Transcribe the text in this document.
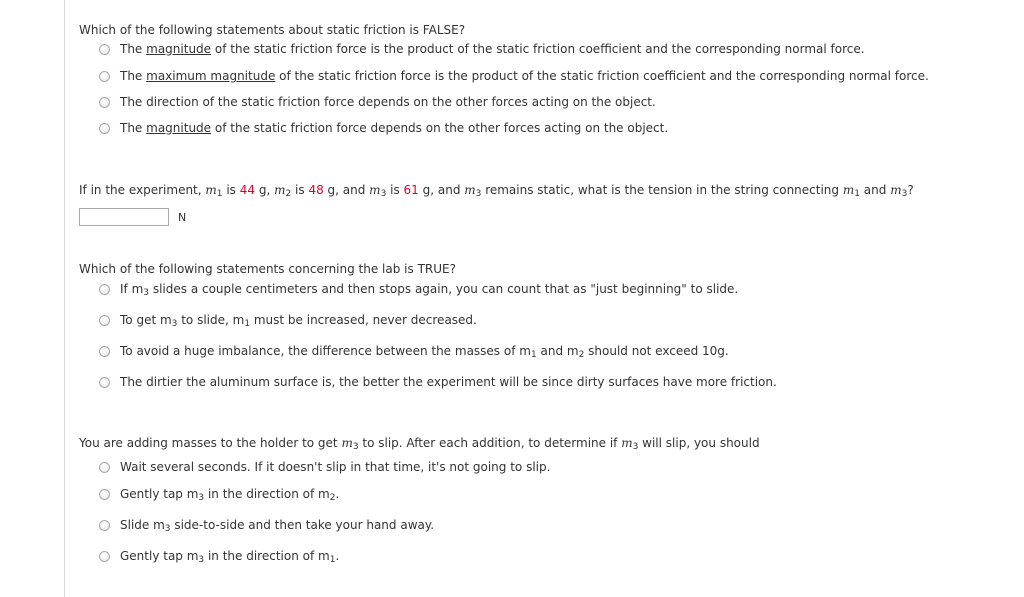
Which of the following statements about static friction is FALSE?
The magnitude of the static friction force is the product of the static friction coefficient and the corresponding normal force.
The maximum magnitude of the static friction force is the product of the static friction coefficient and the corresponding normal force.
The direction of the static friction force depends on the other forces acting on the object.
The magnitude of the static friction force depends on the other forces acting on the object.
If in the experiment, $m_1$ is 44 g, $m_2$ is 48 g, and $m_3$ is 61 g, and $m_3$ remains static, what is the tension in the string connecting $m_1$ and $m_3$?
N
Which of the following statements concerning the lab is TRUE?
If $m_3$ slides a couple centimeters and then stops again, you can count that as "just beginning" to slide.
To get $m_3$ to slide, $m_1$ must be increased, never decreased.
To avoid a huge imbalance, the difference between the masses of $m_1$ and $m_2$ should not exceed 10g.
The dirtier the aluminum surface is, the better the experiment will be since dirty surfaces have more friction.
You are adding masses to the holder to get $m_3$ to slip. After each addition, to determine if $m_3$ will slip, you should
Wait several seconds. If it doesn't slip in that time, it's not going to slip.
Gently tap $m_3$ in the direction of $m_2$.
Slide $m_3$ side-to-side and then take your hand away.
Gently tap $m_3$ in the direction of $m_1$.
